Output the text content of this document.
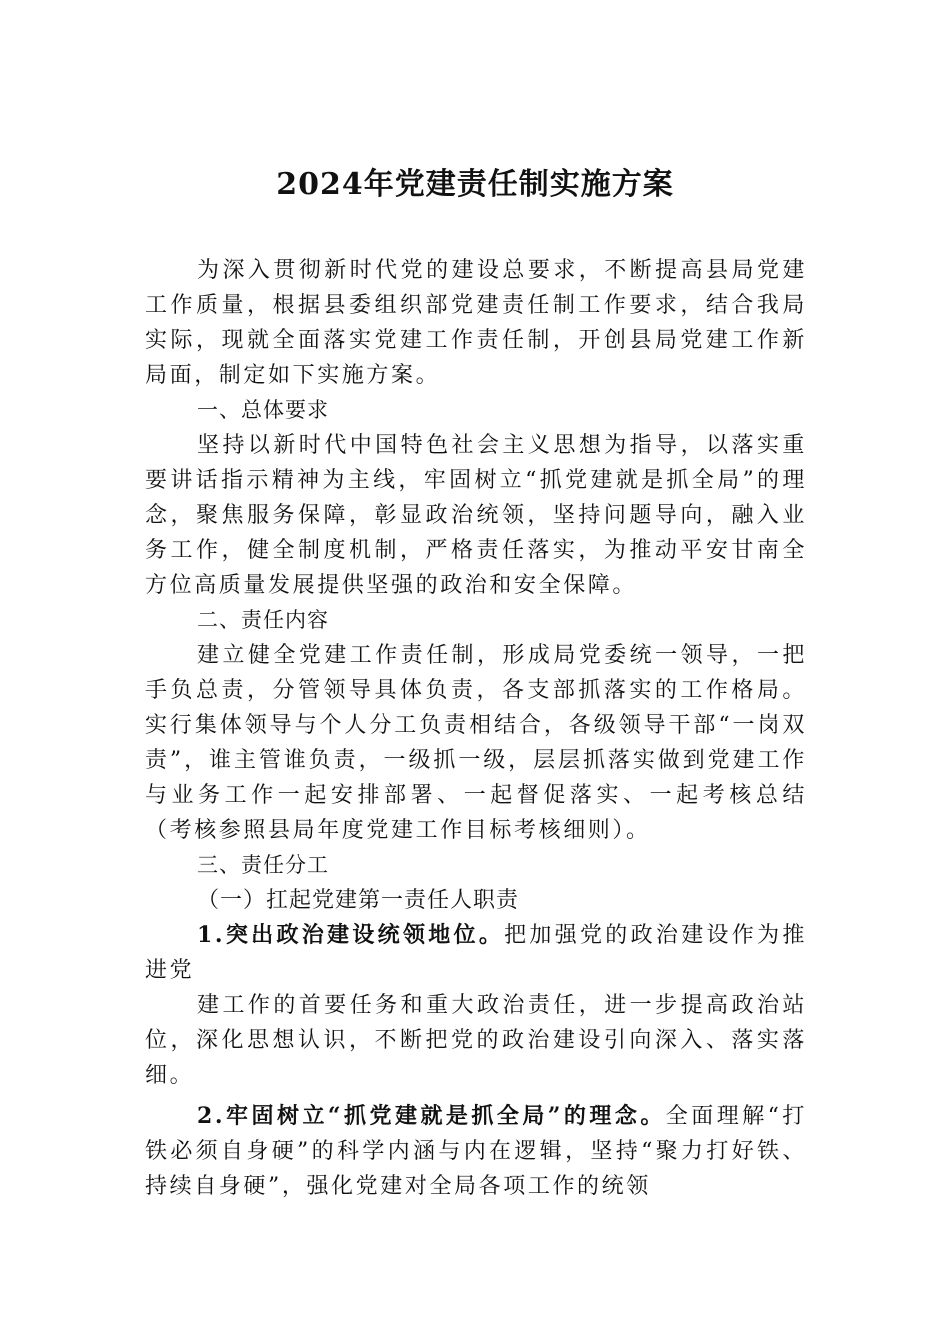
2024年党建责任制实施方案

为深入贯彻新时代党的建设总要求，不断提高县局党建工作质量，根据县委组织部党建责任制工作要求，结合我局实际，现就全面落实党建工作责任制，开创县局党建工作新局面，制定如下实施方案。

一、总体要求

坚持以新时代中国特色社会主义思想为指导，以落实重要讲话指示精神为主线，牢固树立“抓党建就是抓全局”的理念，聚焦服务保障，彰显政治统领，坚持问题导向，融入业务工作，健全制度机制，严格责任落实，为推动平安甘南全方位高质量发展提供坚强的政治和安全保障。

二、责任内容

建立健全党建工作责任制，形成局党委统一领导，一把手负总责，分管领导具体负责，各支部抓落实的工作格局。实行集体领导与个人分工负责相结合，各级领导干部“一岗双责”，谁主管谁负责，一级抓一级，层层抓落实做到党建工作与业务工作一起安排部署、一起督促落实、一起考核总结（考核参照县局年度党建工作目标考核细则）。

三、责任分工

（一）扛起党建第一责任人职责

1.突出政治建设统领地位。把加强党的政治建设作为推进党

建工作的首要任务和重大政治责任，进一步提高政治站位，深化思想认识，不断把党的政治建设引向深入、落实落细。

2.牢固树立“抓党建就是抓全局”的理念。全面理解“打铁必须自身硬”的科学内涵与内在逻辑，坚持“聚力打好铁、持续自身硬”，强化党建对全局各项工作的统领
